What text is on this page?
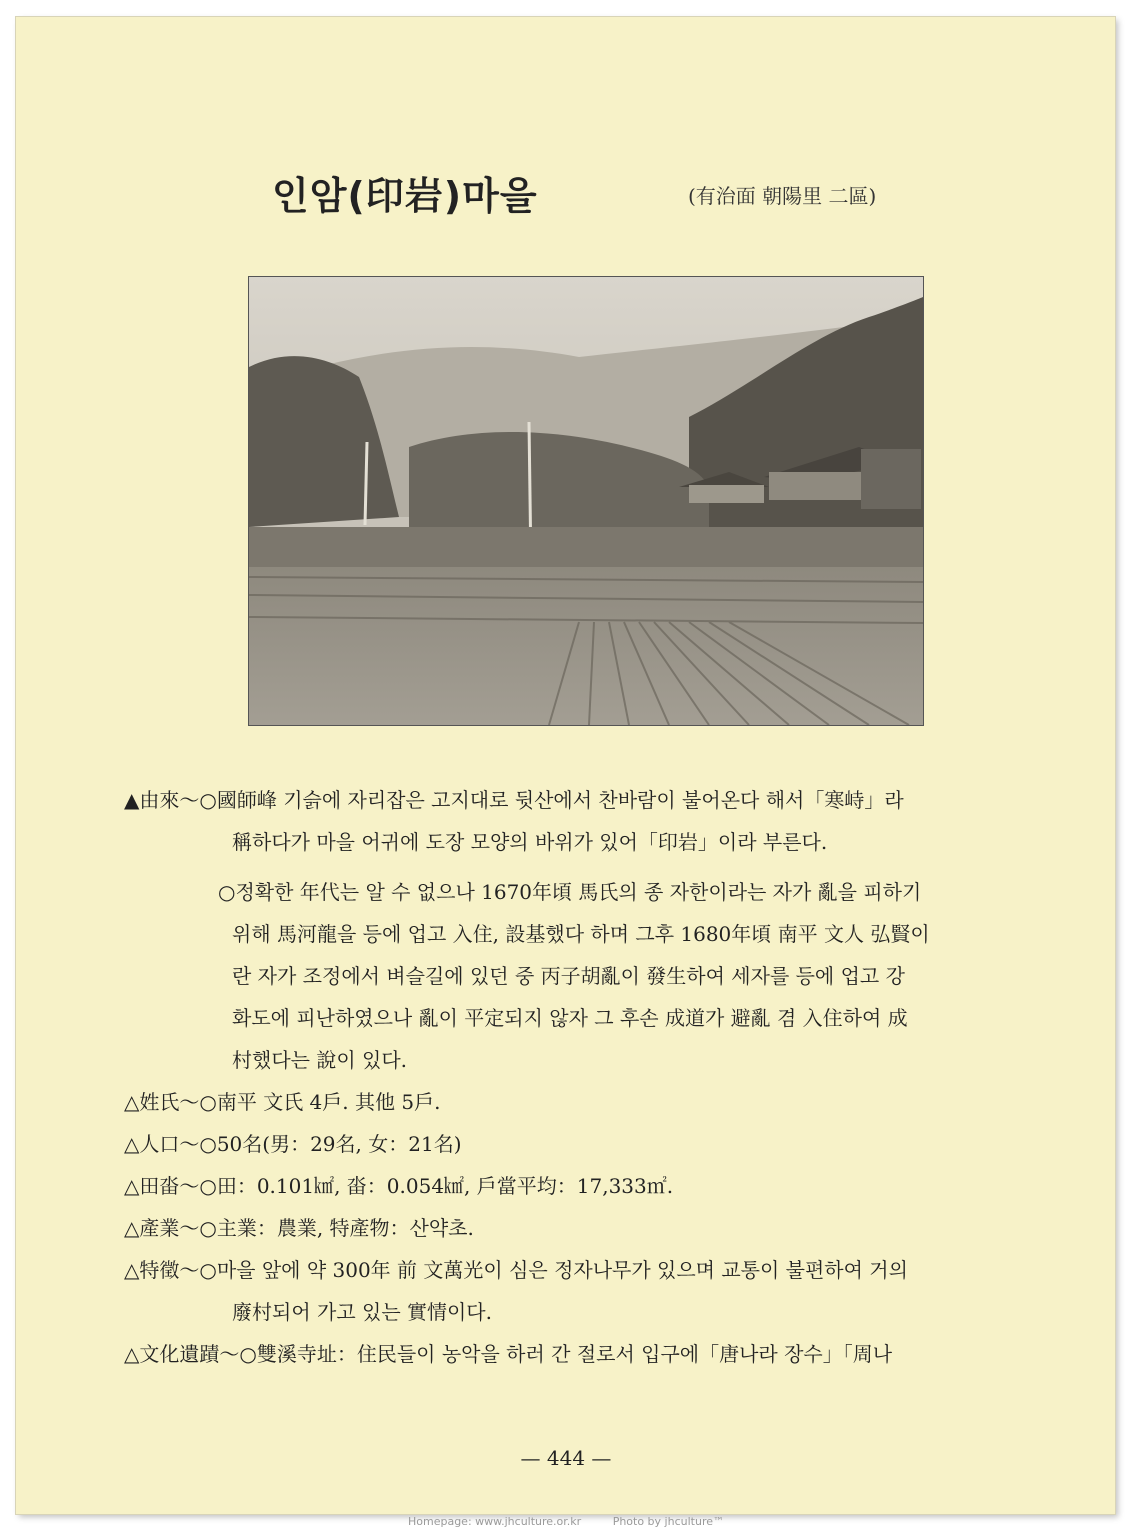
인암(印岩)마을	(有治面 朝陽里 二區)
▲由來～○國師峰 기슭에 자리잡은 고지대로 뒷산에서 찬바람이 불어온다 해서「寒峙」라
稱하다가 마을 어귀에 도장 모양의 바위가 있어「印岩」이라 부른다.
○정확한 年代는 알 수 없으나 1670年頃 馬氏의 종 자한이라는 자가 亂을 피하기
위해 馬河龍을 등에 업고 入住, 設基했다 하며 그후 1680年頃 南平 文人 弘賢이
란 자가 조정에서 벼슬길에 있던 중 丙子胡亂이 發生하여 세자를 등에 업고 강
화도에 피난하였으나 亂이 平定되지 않자 그 후손 成道가 避亂 겸 入住하여 成
村했다는 說이 있다.
△姓氏～○南平 文氏 4戶. 其他 5戶.
△人口～○50名(男：29名, 女：21名)
△田畓～○田：0.101㎢, 畓：0.054㎢, 戶當平均：17,333㎡.
△產業～○主業：農業, 特產物：산약초.
△特徵～○마을 앞에 약 300年 前 文萬光이 심은 정자나무가 있으며 교통이 불편하여 거의
廢村되어 가고 있는 實情이다.
△文化遺蹟～○雙溪寺址：住民들이 농악을 하러 간 절로서 입구에「唐나라 장수」「周나
— 444 —
Homepage: www.jhculture.or.kr	Photo by jhculture™
